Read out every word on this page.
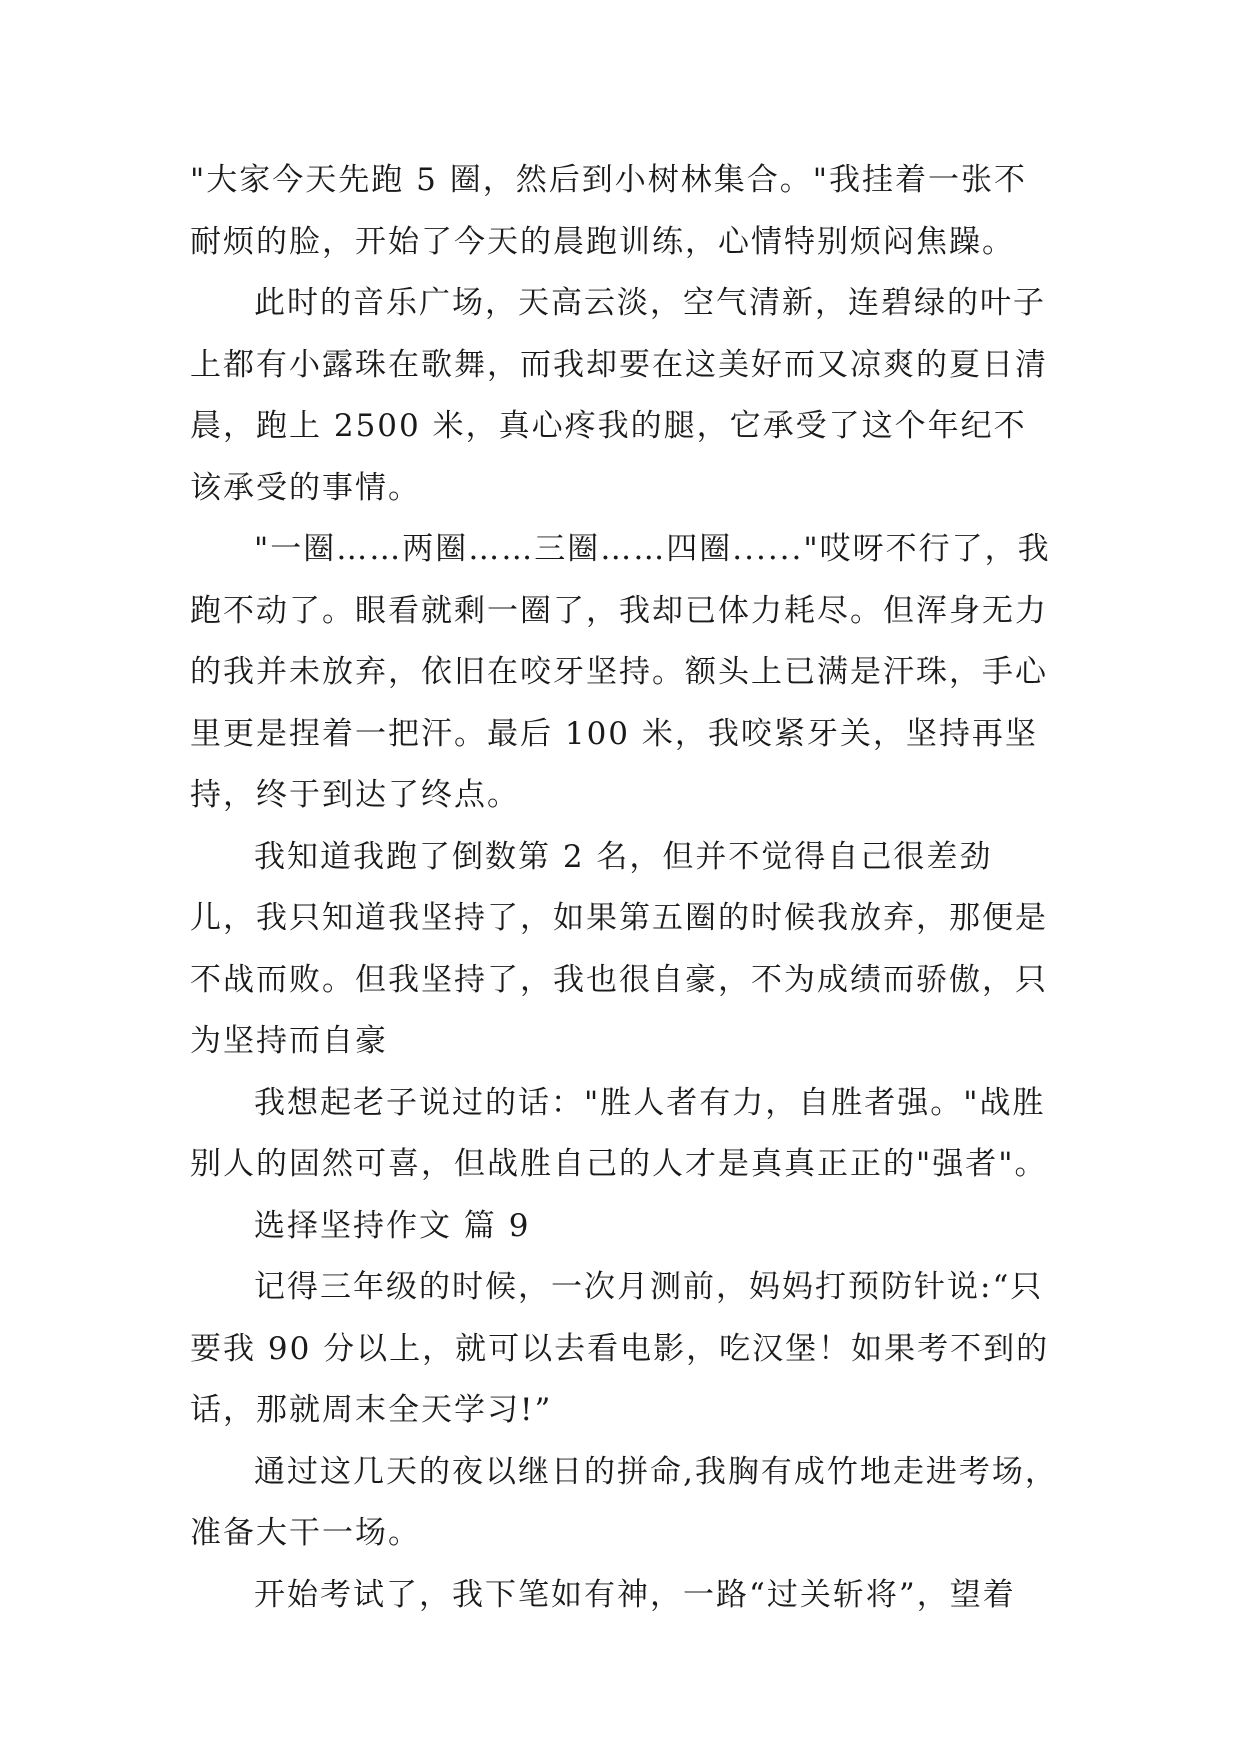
"大家今天先跑 5 圈，然后到小树林集合。"我挂着一张不耐烦的脸，开始了今天的晨跑训练，心情特别烦闷焦躁。

此时的音乐广场，天高云淡，空气清新，连碧绿的叶子上都有小露珠在歌舞，而我却要在这美好而又凉爽的夏日清晨，跑上 2500 米，真心疼我的腿，它承受了这个年纪不该承受的事情。

"一圈……两圈……三圈……四圈......"哎呀不行了，我跑不动了。眼看就剩一圈了，我却已体力耗尽。但浑身无力的我并未放弃，依旧在咬牙坚持。额头上已满是汗珠，手心里更是捏着一把汗。最后 100 米，我咬紧牙关，坚持再坚持，终于到达了终点。

我知道我跑了倒数第 2 名，但并不觉得自己很差劲儿，我只知道我坚持了，如果第五圈的时候我放弃，那便是不战而败。但我坚持了，我也很自豪，不为成绩而骄傲，只为坚持而自豪

我想起老子说过的话："胜人者有力，自胜者强。"战胜别人的固然可喜，但战胜自己的人才是真真正正的"强者"。

选择坚持作文 篇 9

记得三年级的时候，一次月测前，妈妈打预防针说:“只要我 90 分以上，就可以去看电影，吃汉堡！如果考不到的话，那就周末全天学习!”

通过这几天的夜以继日的拼命,我胸有成竹地走进考场，准备大干一场。

开始考试了，我下笔如有神，一路“过关斩将”，望着
